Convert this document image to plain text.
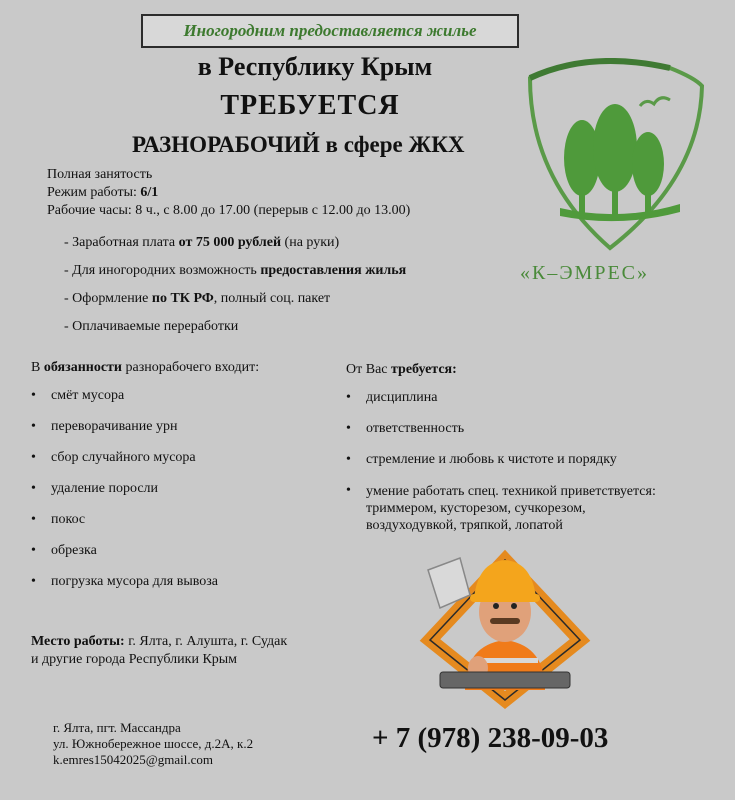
Иногородним предоставляется жилье
в Республику Крым
ТРЕБУЕТСЯ
РАЗНОРАБОЧИЙ в сфере ЖКХ
Полная занятость
Режим работы: 6/1
Рабочие часы: 8 ч., с 8.00 до 17.00 (перерыв с 12.00 до 13.00)
- Заработная плата от 75 000 рублей (на руки)
- Для иногородних возможность предоставления жилья
- Оформление по ТК РФ, полный соц. пакет
- Оплачиваемые переработки
«К–ЭМРЕС»
В обязанности разнорабочего входит:
•	смёт мусора
•	переворачивание урн
•	сбор случайного мусора
•	удаление поросли
•	покос
•	обрезка
•	погрузка мусора для вывоза
От Вас требуется:
•	дисциплина
•	ответственность
•	стремление и любовь к чистоте и порядку
•	умение работать спец. техникой приветствуется:
триммером, кусторезом, сучкорезом,
воздуходувкой, тряпкой, лопатой
Место работы: г. Ялта, г. Алушта, г. Судак
и другие города Республики Крым
г. Ялта, пгт. Массандра
ул. Южнобережное шоссе, д.2А, к.2
k.emres15042025@gmail.com
+ 7 (978) 238-09-03
